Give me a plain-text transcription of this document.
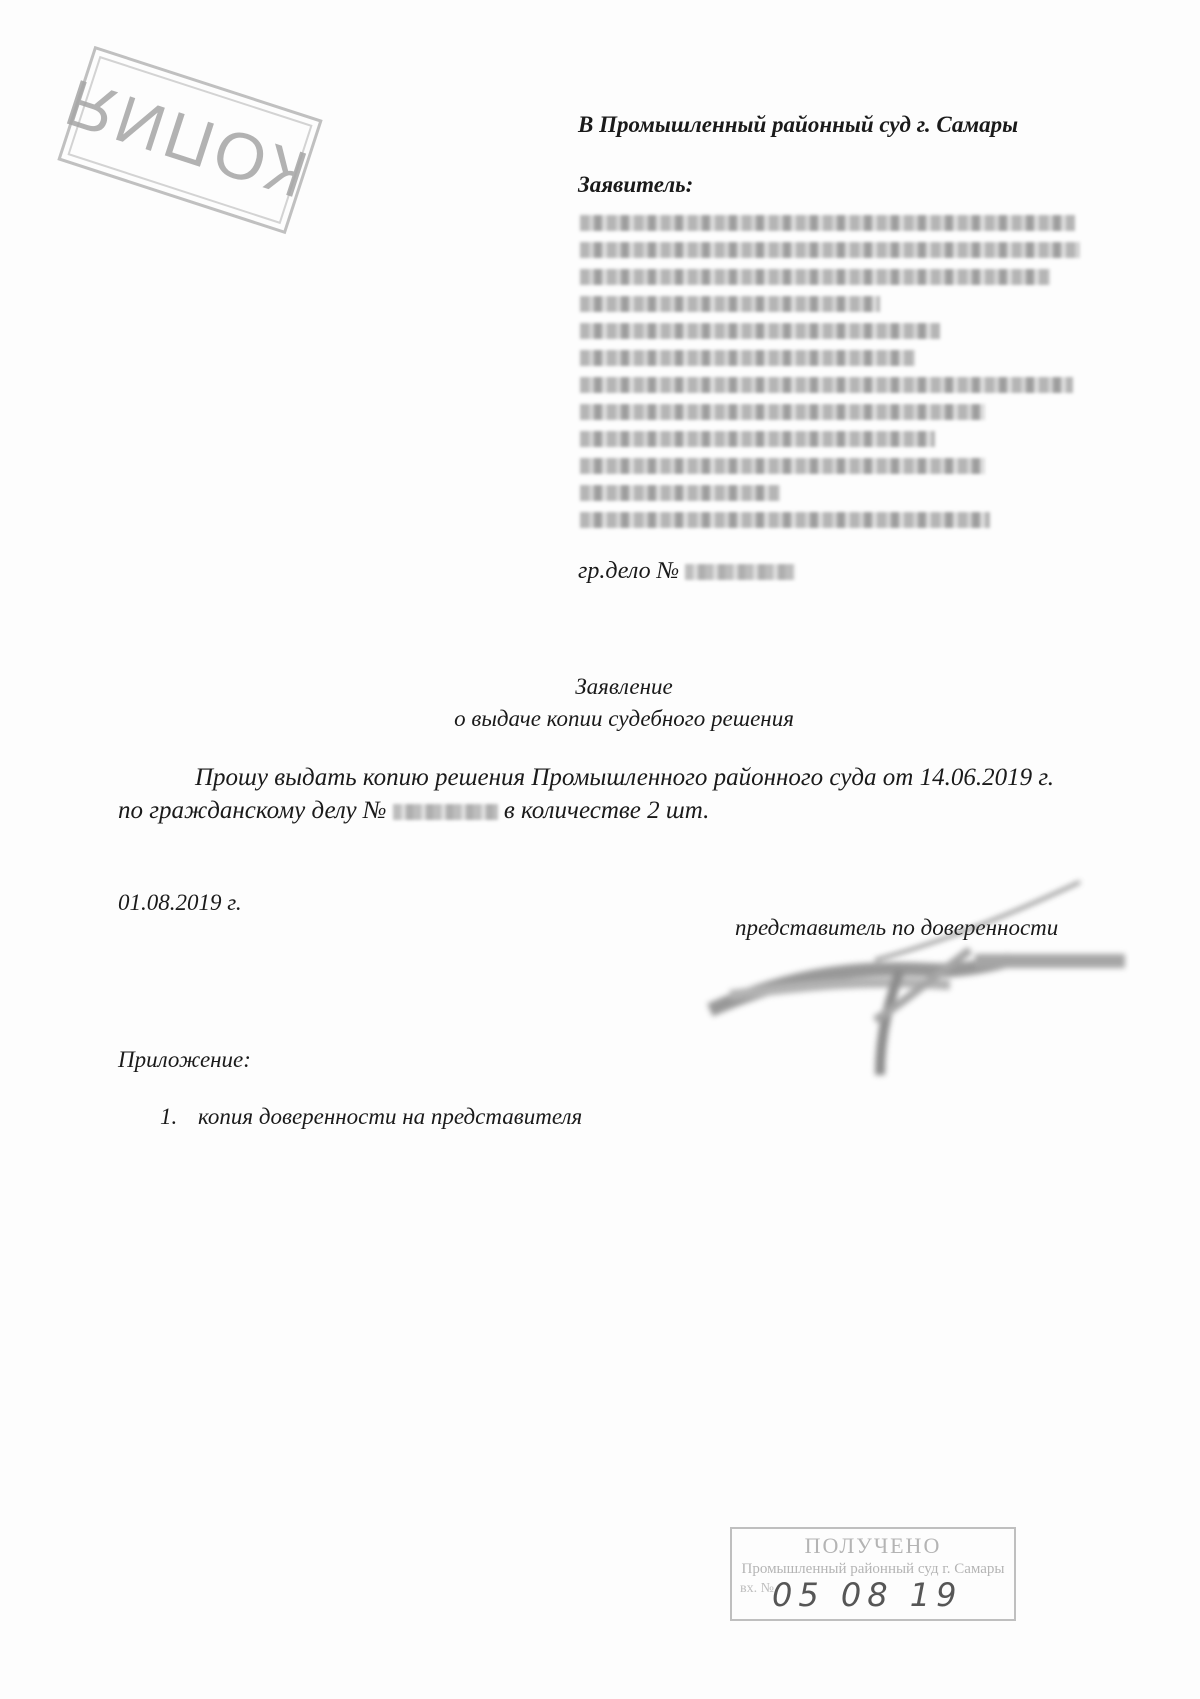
КОПИЯ	В Промышленный районный суд г. Самары
Заявитель:
гр.дело №
Заявление
о выдаче копии судебного решения
Прошу выдать копию решения Промышленного районного суда от 14.06.2019 г.
по гражданскому делу №	в количестве 2 шт.
01.08.2019 г.
представитель по доверенности
Приложение:
1. копия доверенности на представителя
ПОЛУЧЕНО
Промышленный районный суд г. Самары
вх. №
05 08 19
